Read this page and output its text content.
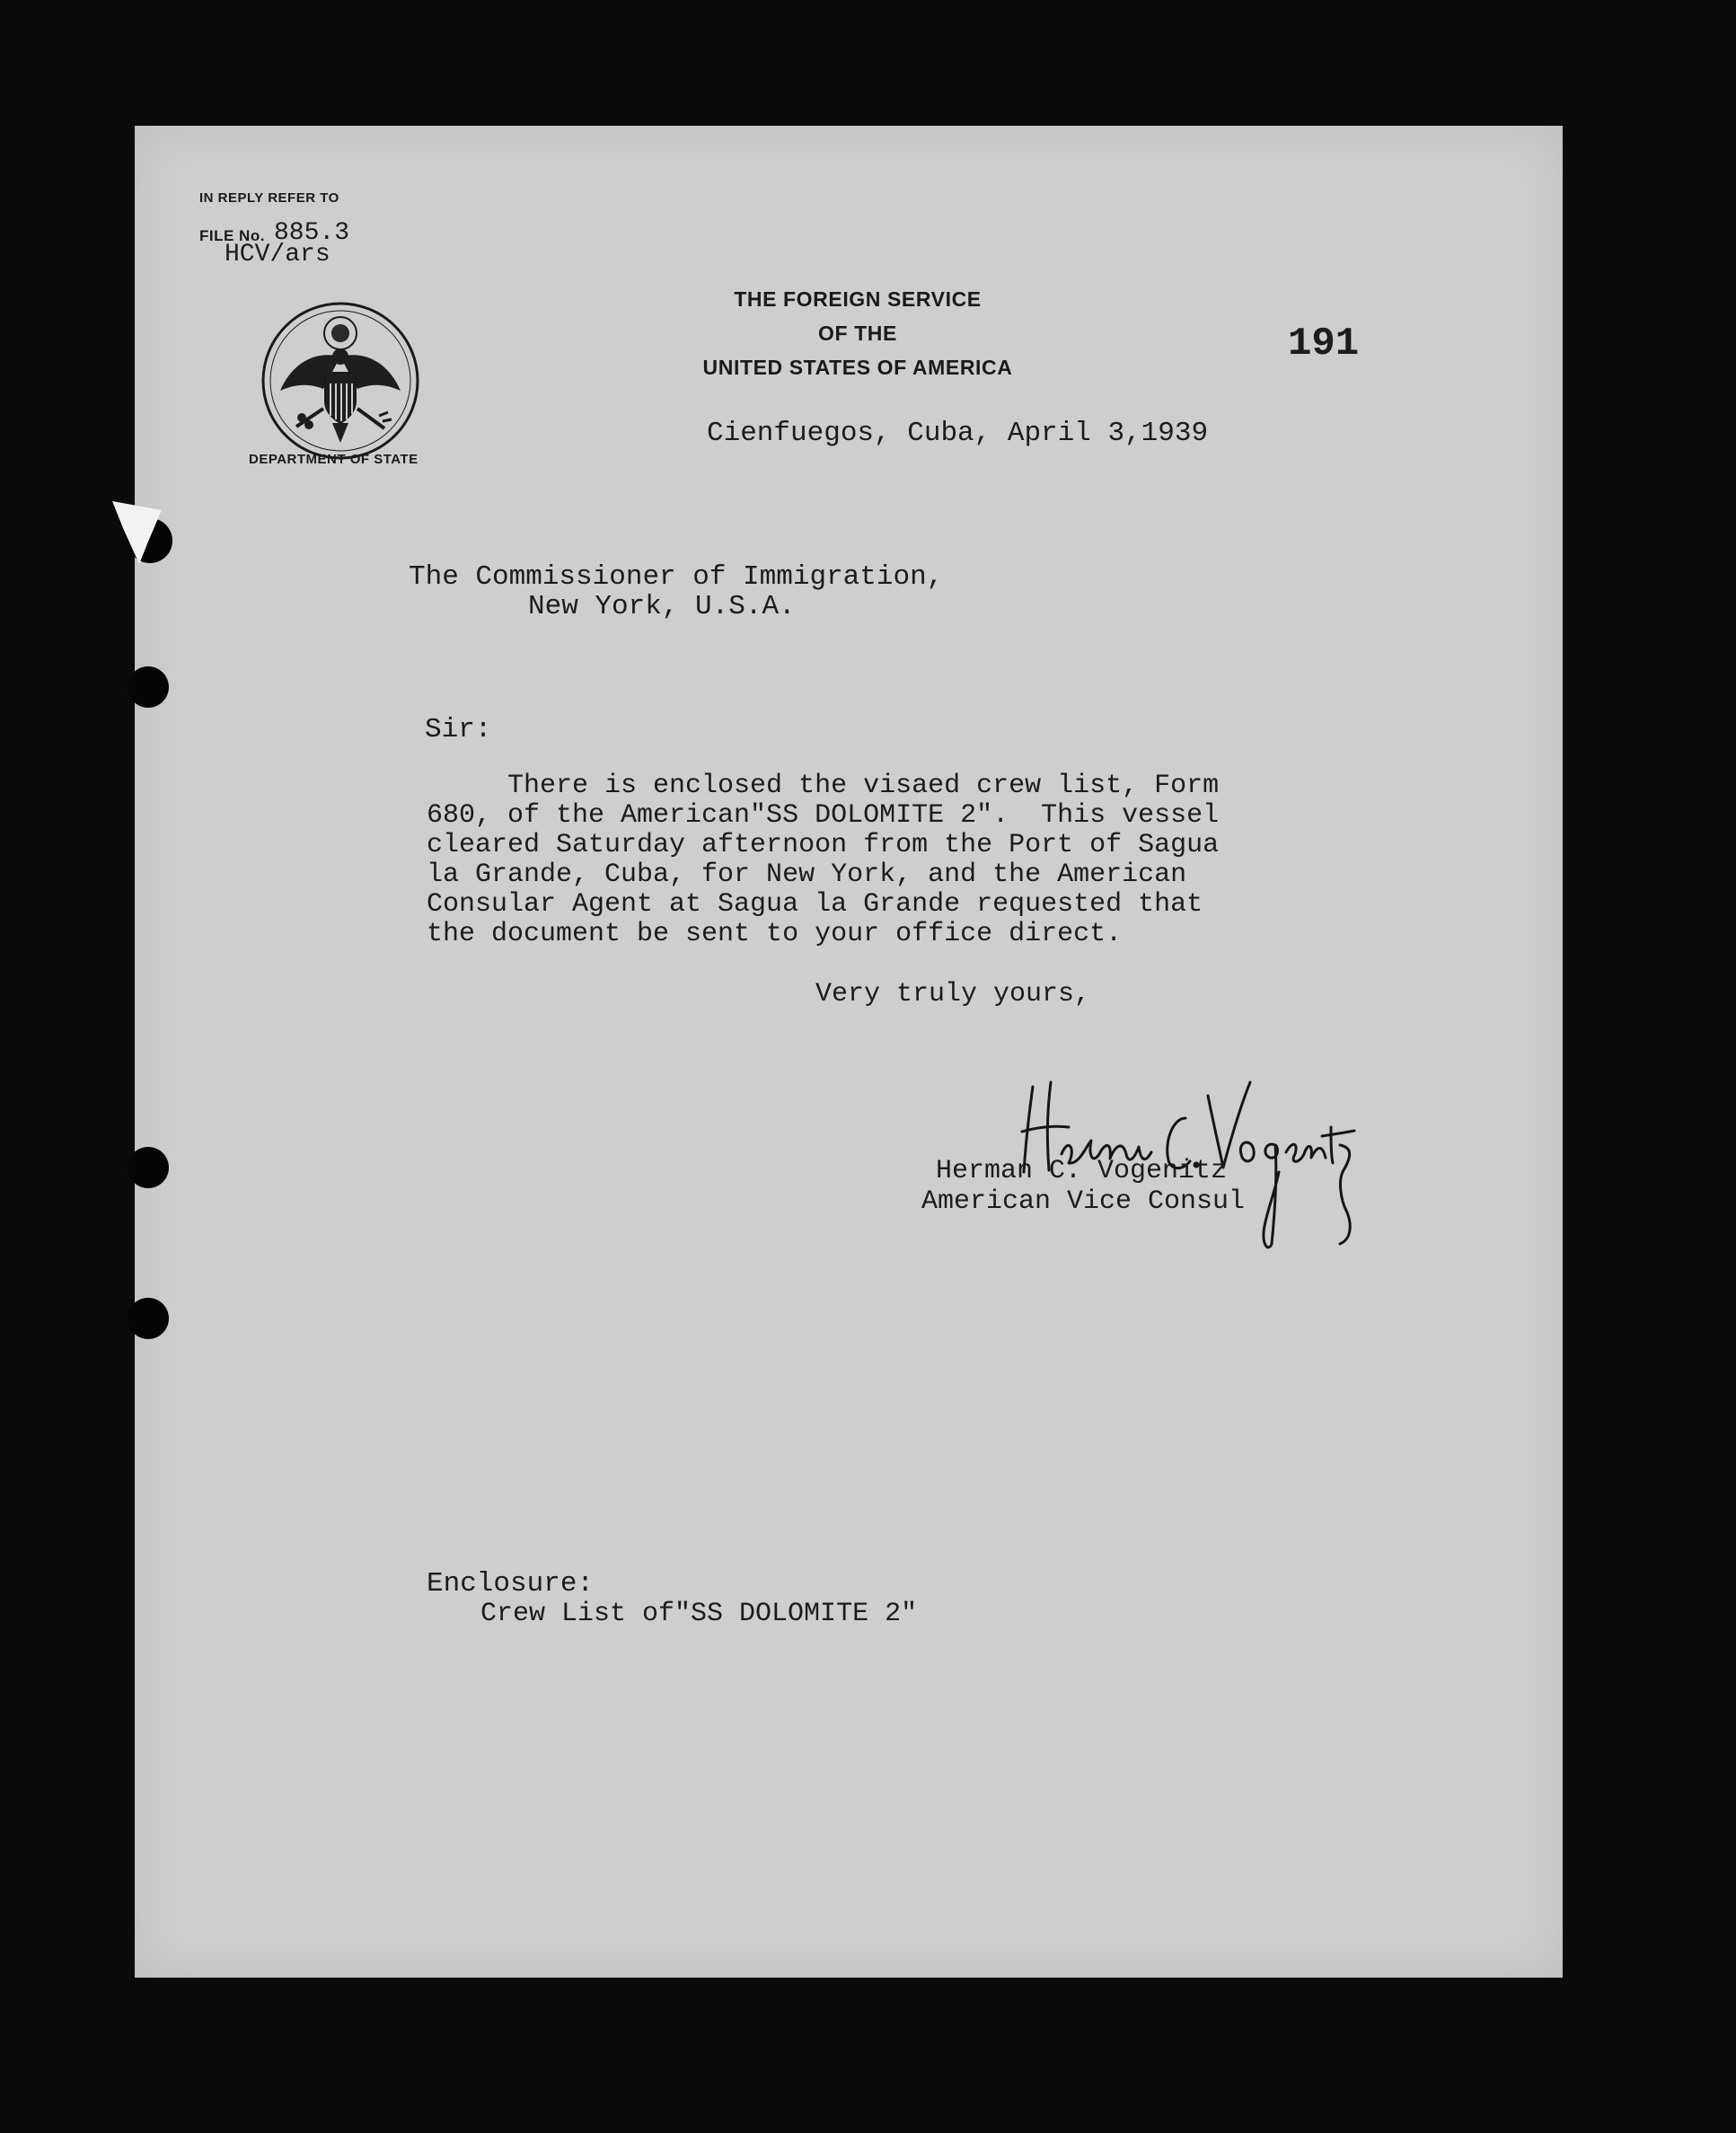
IN REPLY REFER TO
FILE No. 885.3
HCV/ars
DEPARTMENT OF STATE
THE FOREIGN SERVICE
OF THE
UNITED STATES OF AMERICA
191
Cienfuegos, Cuba, April 3,1939
The Commissioner of Immigration,
New York, U.S.A.
Sir:
There is enclosed the visaed crew list, Form
680, of the American"SS DOLOMITE 2".  This vessel
cleared Saturday afternoon from the Port of Sagua
la Grande, Cuba, for New York, and the American
Consular Agent at Sagua la Grande requested that
the document be sent to your office direct.
Very truly yours,
Herman C. Vogenitz
American Vice Consul
Enclosure:
Crew List of"SS DOLOMITE 2"
